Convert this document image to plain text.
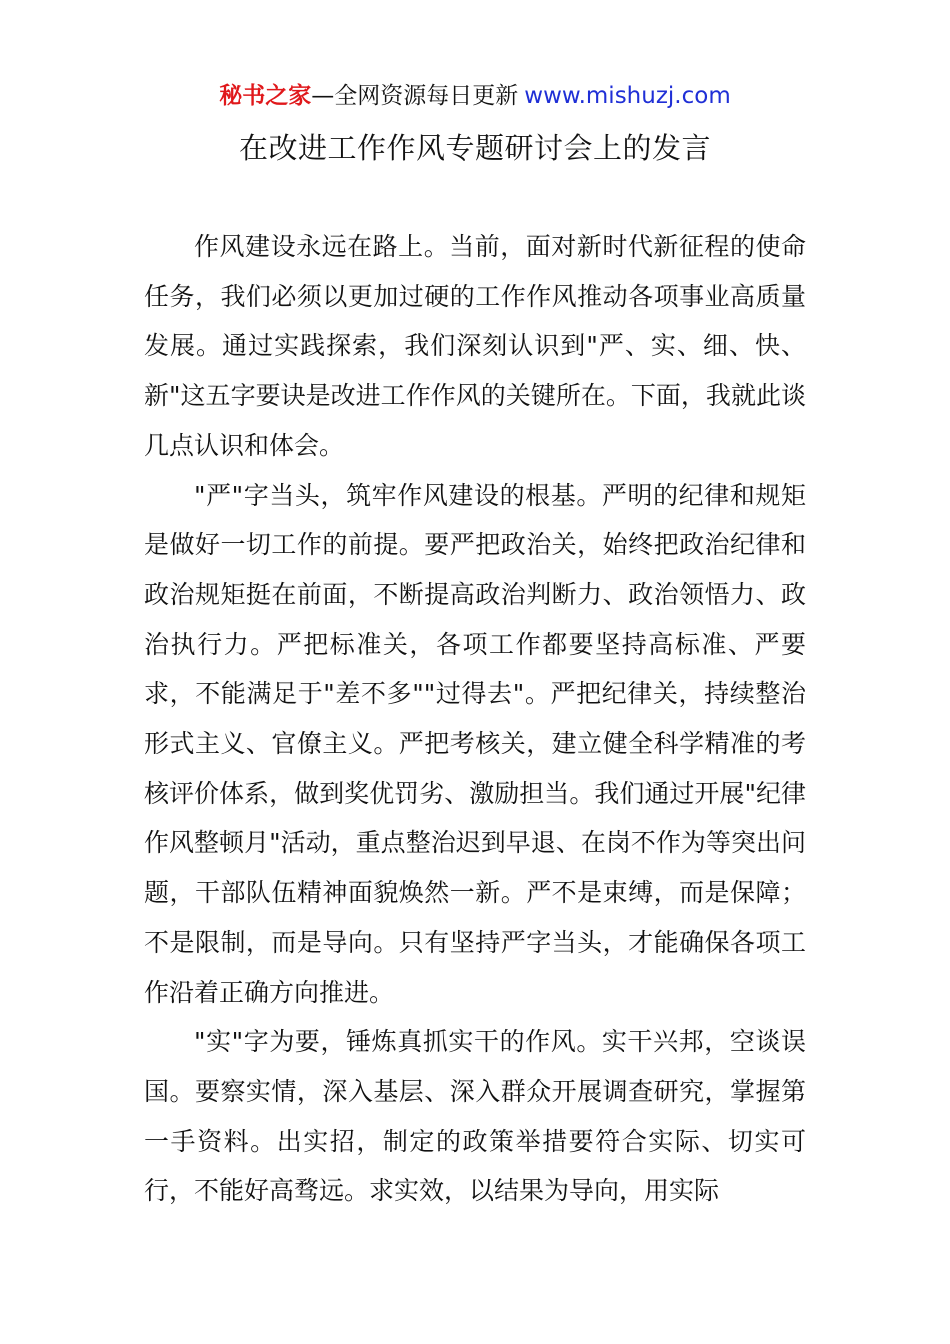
秘书之家—全网资源每日更新 www.mishuzj.com
在改进工作作风专题研讨会上的发言

作风建设永远在路上。当前，面对新时代新征程的使命任务，我们必须以更加过硬的工作作风推动各项事业高质量发展。通过实践探索，我们深刻认识到"严、实、细、快、新"这五字要诀是改进工作作风的关键所在。下面，我就此谈几点认识和体会。

"严"字当头，筑牢作风建设的根基。严明的纪律和规矩是做好一切工作的前提。要严把政治关，始终把政治纪律和政治规矩挺在前面，不断提高政治判断力、政治领悟力、政治执行力。严把标准关，各项工作都要坚持高标准、严要求，不能满足于"差不多""过得去"。严把纪律关，持续整治形式主义、官僚主义。严把考核关，建立健全科学精准的考核评价体系，做到奖优罚劣、激励担当。我们通过开展"纪律作风整顿月"活动，重点整治迟到早退、在岗不作为等突出问题，干部队伍精神面貌焕然一新。严不是束缚，而是保障；不是限制，而是导向。只有坚持严字当头，才能确保各项工作沿着正确方向推进。

"实"字为要，锤炼真抓实干的作风。实干兴邦，空谈误国。要察实情，深入基层、深入群众开展调查研究，掌握第一手资料。出实招，制定的政策举措要符合实际、切实可行，不能好高骛远。求实效，以结果为导向，用实际
